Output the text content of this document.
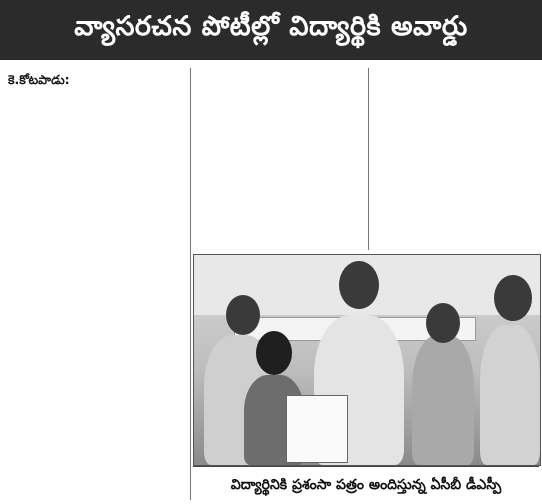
వ్యాసరచన పోటీల్లో విద్యార్థికి అవార్డు
కె.కోటపాడు:
విద్యార్థినికి ప్రశంసా పత్రం అందిస్తున్న ఏసీబీ డీఎస్పీ
